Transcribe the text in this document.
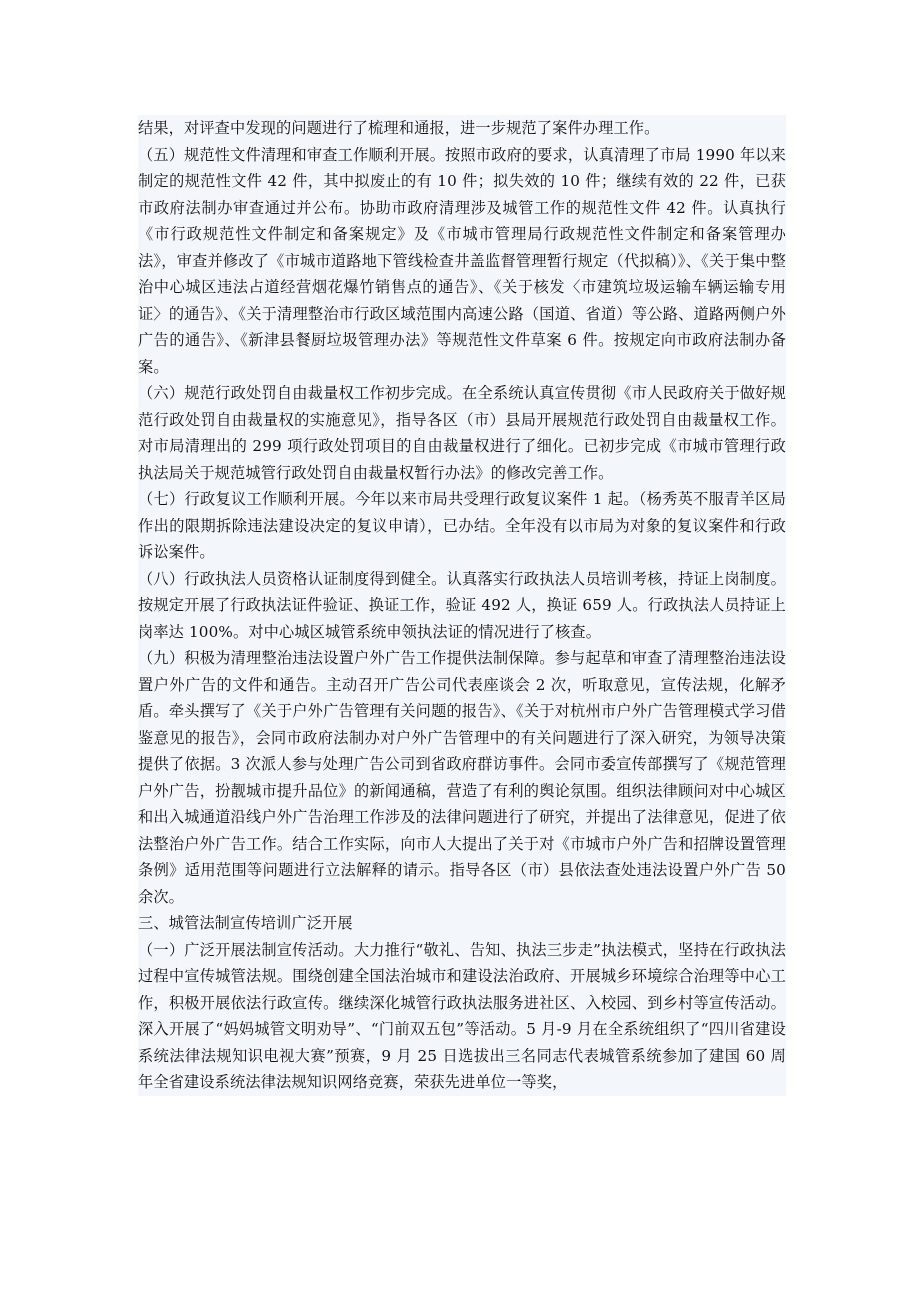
结果，对评查中发现的问题进行了梳理和通报，进一步规范了案件办理工作。

（五）规范性文件清理和审查工作顺利开展。按照市政府的要求，认真清理了市局 1990 年以来制定的规范性文件 42 件，其中拟废止的有 10 件；拟失效的 10 件；继续有效的 22 件，已获市政府法制办审查通过并公布。协助市政府清理涉及城管工作的规范性文件 42 件。认真执行《市行政规范性文件制定和备案规定》及《市城市管理局行政规范性文件制定和备案管理办法》，审查并修改了《市城市道路地下管线检查井盖监督管理暂行规定（代拟稿）》、《关于集中整治中心城区违法占道经营烟花爆竹销售点的通告》、《关于核发〈市建筑垃圾运输车辆运输专用证〉的通告》、《关于清理整治市行政区域范围内高速公路（国道、省道）等公路、道路两侧户外广告的通告》、《新津县餐厨垃圾管理办法》等规范性文件草案 6 件。按规定向市政府法制办备案。

（六）规范行政处罚自由裁量权工作初步完成。在全系统认真宣传贯彻《市人民政府关于做好规范行政处罚自由裁量权的实施意见》，指导各区（市）县局开展规范行政处罚自由裁量权工作。对市局清理出的 299 项行政处罚项目的自由裁量权进行了细化。已初步完成《市城市管理行政执法局关于规范城管行政处罚自由裁量权暂行办法》的修改完善工作。

（七）行政复议工作顺利开展。今年以来市局共受理行政复议案件 1 起。（杨秀英不服青羊区局作出的限期拆除违法建设决定的复议申请），已办结。全年没有以市局为对象的复议案件和行政诉讼案件。

（八）行政执法人员资格认证制度得到健全。认真落实行政执法人员培训考核，持证上岗制度。按规定开展了行政执法证件验证、换证工作，验证 492 人，换证 659 人。行政执法人员持证上岗率达 100%。对中心城区城管系统申领执法证的情况进行了核查。

（九）积极为清理整治违法设置户外广告工作提供法制保障。参与起草和审查了清理整治违法设置户外广告的文件和通告。主动召开广告公司代表座谈会 2 次，听取意见，宣传法规，化解矛盾。牵头撰写了《关于户外广告管理有关问题的报告》、《关于对杭州市户外广告管理模式学习借鉴意见的报告》，会同市政府法制办对户外广告管理中的有关问题进行了深入研究，为领导决策提供了依据。3 次派人参与处理广告公司到省政府群访事件。会同市委宣传部撰写了《规范管理户外广告，扮靓城市提升品位》的新闻通稿，营造了有利的舆论氛围。组织法律顾问对中心城区和出入城通道沿线户外广告治理工作涉及的法律问题进行了研究，并提出了法律意见，促进了依法整治户外广告工作。结合工作实际，向市人大提出了关于对《市城市户外广告和招牌设置管理条例》适用范围等问题进行立法解释的请示。指导各区（市）县依法查处违法设置户外广告 50 余次。

三、城管法制宣传培训广泛开展

（一）广泛开展法制宣传活动。大力推行“敬礼、告知、执法三步走”执法模式，坚持在行政执法过程中宣传城管法规。围绕创建全国法治城市和建设法治政府、开展城乡环境综合治理等中心工作，积极开展依法行政宣传。继续深化城管行政执法服务进社区、入校园、到乡村等宣传活动。深入开展了“妈妈城管文明劝导”、“门前双五包”等活动。5 月-9 月在全系统组织了“四川省建设系统法律法规知识电视大赛”预赛，9 月 25 日选拔出三名同志代表城管系统参加了建国 60 周年全省建设系统法律法规知识网络竞赛，荣获先进单位一等奖，
